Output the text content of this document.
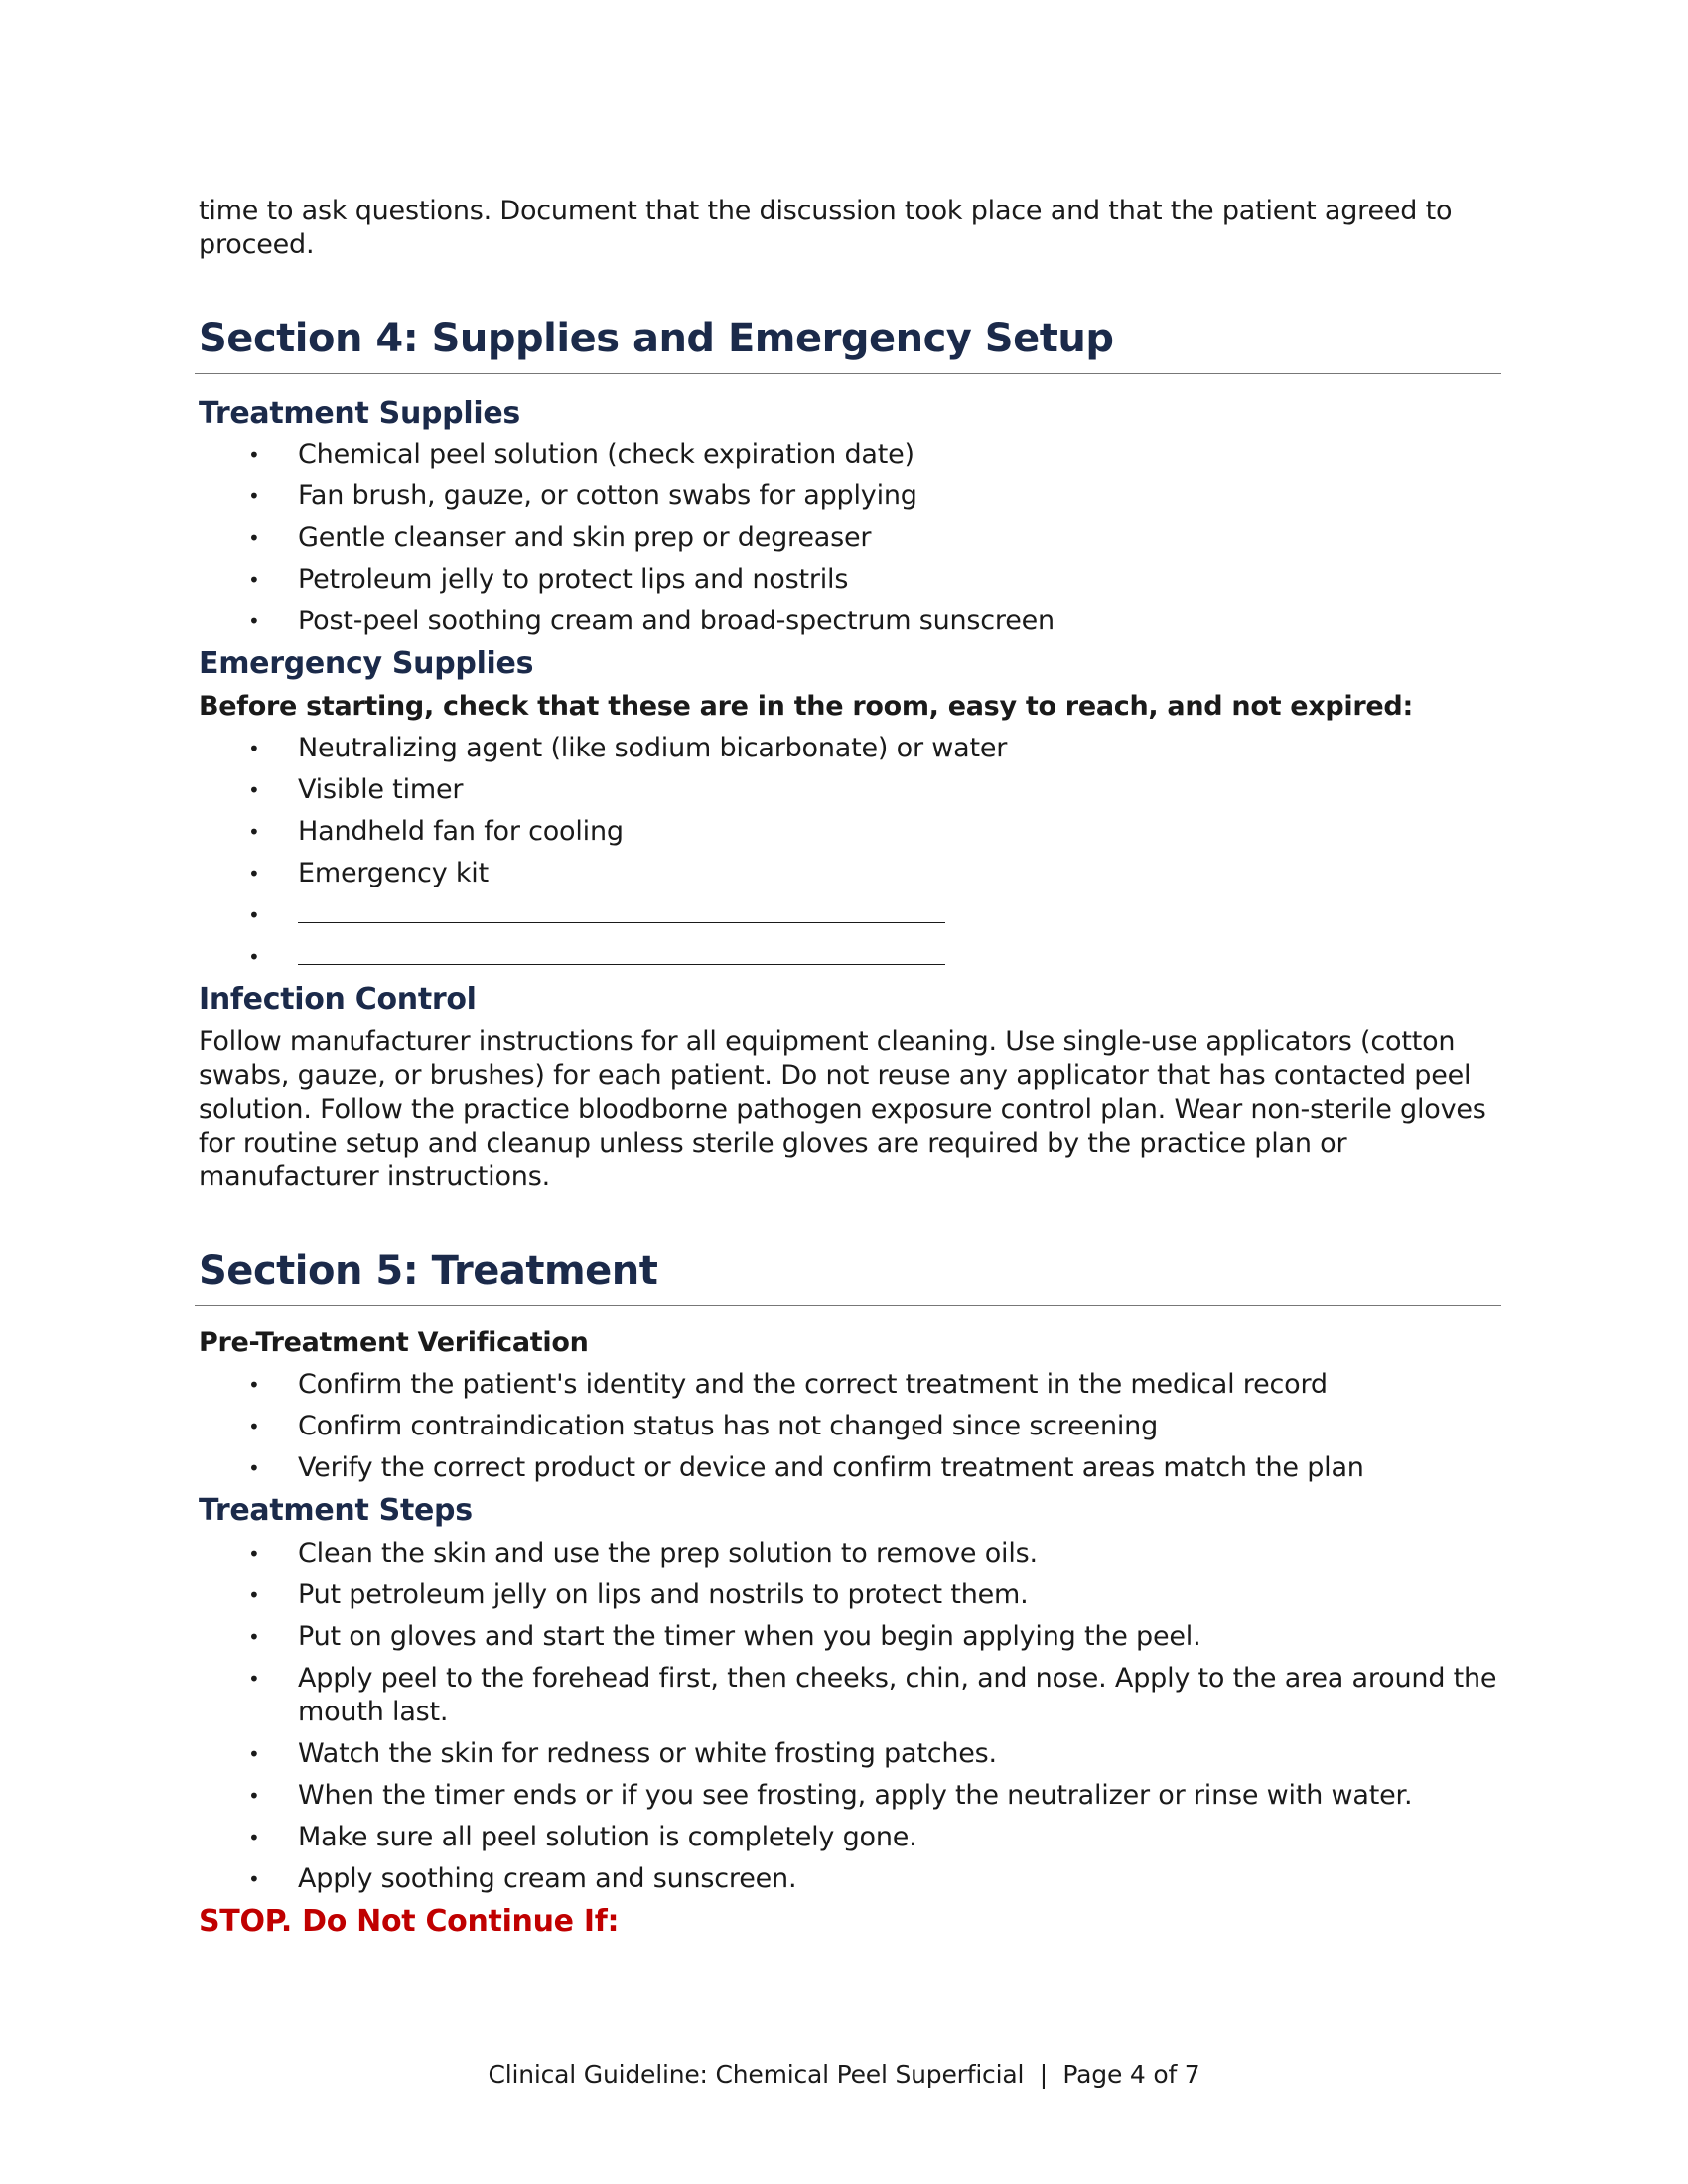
time to ask questions. Document that the discussion took place and that the patient agreed to proceed.

Section 4: Supplies and Emergency Setup
Treatment Supplies
• Chemical peel solution (check expiration date)
• Fan brush, gauze, or cotton swabs for applying
• Gentle cleanser and skin prep or degreaser
• Petroleum jelly to protect lips and nostrils
• Post-peel soothing cream and broad-spectrum sunscreen
Emergency Supplies
Before starting, check that these are in the room, easy to reach, and not expired:
• Neutralizing agent (like sodium bicarbonate) or water
• Visible timer
• Handheld fan for cooling
• Emergency kit
•
•
Infection Control

Follow manufacturer instructions for all equipment cleaning. Use single-use applicators (cotton swabs, gauze, or brushes) for each patient. Do not reuse any applicator that has contacted peel solution. Follow the practice bloodborne pathogen exposure control plan. Wear non-sterile gloves for routine setup and cleanup unless sterile gloves are required by the practice plan or manufacturer instructions.

Section 5: Treatment
Pre-Treatment Verification
• Confirm the patient's identity and the correct treatment in the medical record
• Confirm contraindication status has not changed since screening
• Verify the correct product or device and confirm treatment areas match the plan
Treatment Steps
• Clean the skin and use the prep solution to remove oils.
• Put petroleum jelly on lips and nostrils to protect them.
• Put on gloves and start the timer when you begin applying the peel.
• Apply peel to the forehead first, then cheeks, chin, and nose. Apply to the area around the mouth last.
• Watch the skin for redness or white frosting patches.
• When the timer ends or if you see frosting, apply the neutralizer or rinse with water.
• Make sure all peel solution is completely gone.
• Apply soothing cream and sunscreen.

STOP. Do Not Continue If:

Clinical Guideline: Chemical Peel Superficial  |  Page 4 of 7
